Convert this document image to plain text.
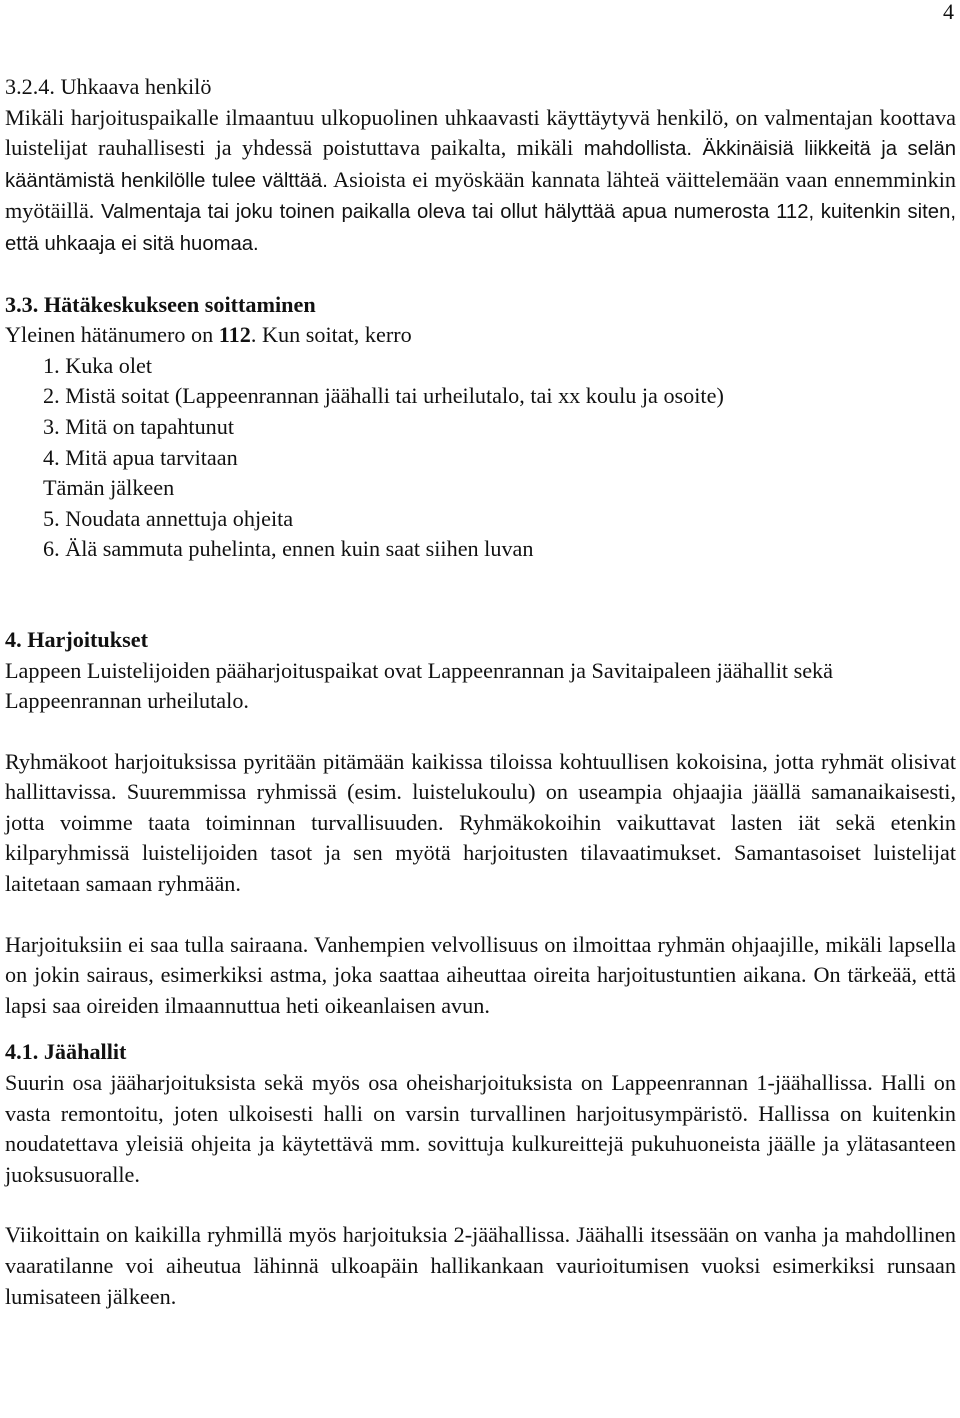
4

3.2.4. Uhkaava henkilö

Mikäli harjoituspaikalle ilmaantuu ulkopuolinen uhkaavasti käyttäytyvä henkilö, on valmentajan koottava luistelijat rauhallisesti ja yhdessä poistuttava paikalta, mikäli mahdollista. Äkkinäisiä liikkeitä ja selän kääntämistä henkilölle tulee välttää. Asioista ei myöskään kannata lähteä väittelemään vaan ennemminkin myötäillä. Valmentaja tai joku toinen paikalla oleva tai ollut hälyttää apua numerosta 112, kuitenkin siten, että uhkaaja ei sitä huomaa.

3.3. Hätäkeskukseen soittaminen

Yleinen hätänumero on 112. Kun soitat, kerro

1. Kuka olet
2. Mistä soitat (Lappeenrannan jäähalli tai urheilutalo, tai xx koulu ja osoite)
3. Mitä on tapahtunut
4. Mitä apua tarvitaan
Tämän jälkeen
5. Noudata annettuja ohjeita
6. Älä sammuta puhelinta, ennen kuin saat siihen luvan

4. Harjoitukset

Lappeen Luistelijoiden pääharjoituspaikat ovat Lappeenrannan ja Savitaipaleen jäähallit sekä Lappeenrannan urheilutalo.

Ryhmäkoot harjoituksissa pyritään pitämään kaikissa tiloissa kohtuullisen kokoisina, jotta ryhmät olisivat hallittavissa. Suuremmissa ryhmissä (esim. luistelukoulu) on useampia ohjaajia jäällä samanaikaisesti, jotta voimme taata toiminnan turvallisuuden. Ryhmäkokoihin vaikuttavat lasten iät sekä etenkin kilparyhmissä luistelijoiden tasot ja sen myötä harjoitusten tilavaatimukset. Samantasoiset luistelijat laitetaan samaan ryhmään.

Harjoituksiin ei saa tulla sairaana. Vanhempien velvollisuus on ilmoittaa ryhmän ohjaajille, mikäli lapsella on jokin sairaus, esimerkiksi astma, joka saattaa aiheuttaa oireita harjoitustuntien aikana. On tärkeää, että lapsi saa oireiden ilmaannuttua heti oikeanlaisen avun.

4.1. Jäähallit

Suurin osa jääharjoituksista sekä myös osa oheisharjoituksista on Lappeenrannan 1-jäähallissa. Halli on vasta remontoitu, joten ulkoisesti halli on varsin turvallinen harjoitusympäristö. Hallissa on kuitenkin noudatettava yleisiä ohjeita ja käytettävä mm. sovittuja kulkureittejä pukuhuoneista jäälle ja ylätasanteen juoksusuoralle.

Viikoittain on kaikilla ryhmillä myös harjoituksia 2-jäähallissa. Jäähalli itsessään on vanha ja mahdollinen vaaratilanne voi aiheutua lähinnä ulkoapäin hallikankaan vaurioitumisen vuoksi esimerkiksi runsaan lumisateen jälkeen.
